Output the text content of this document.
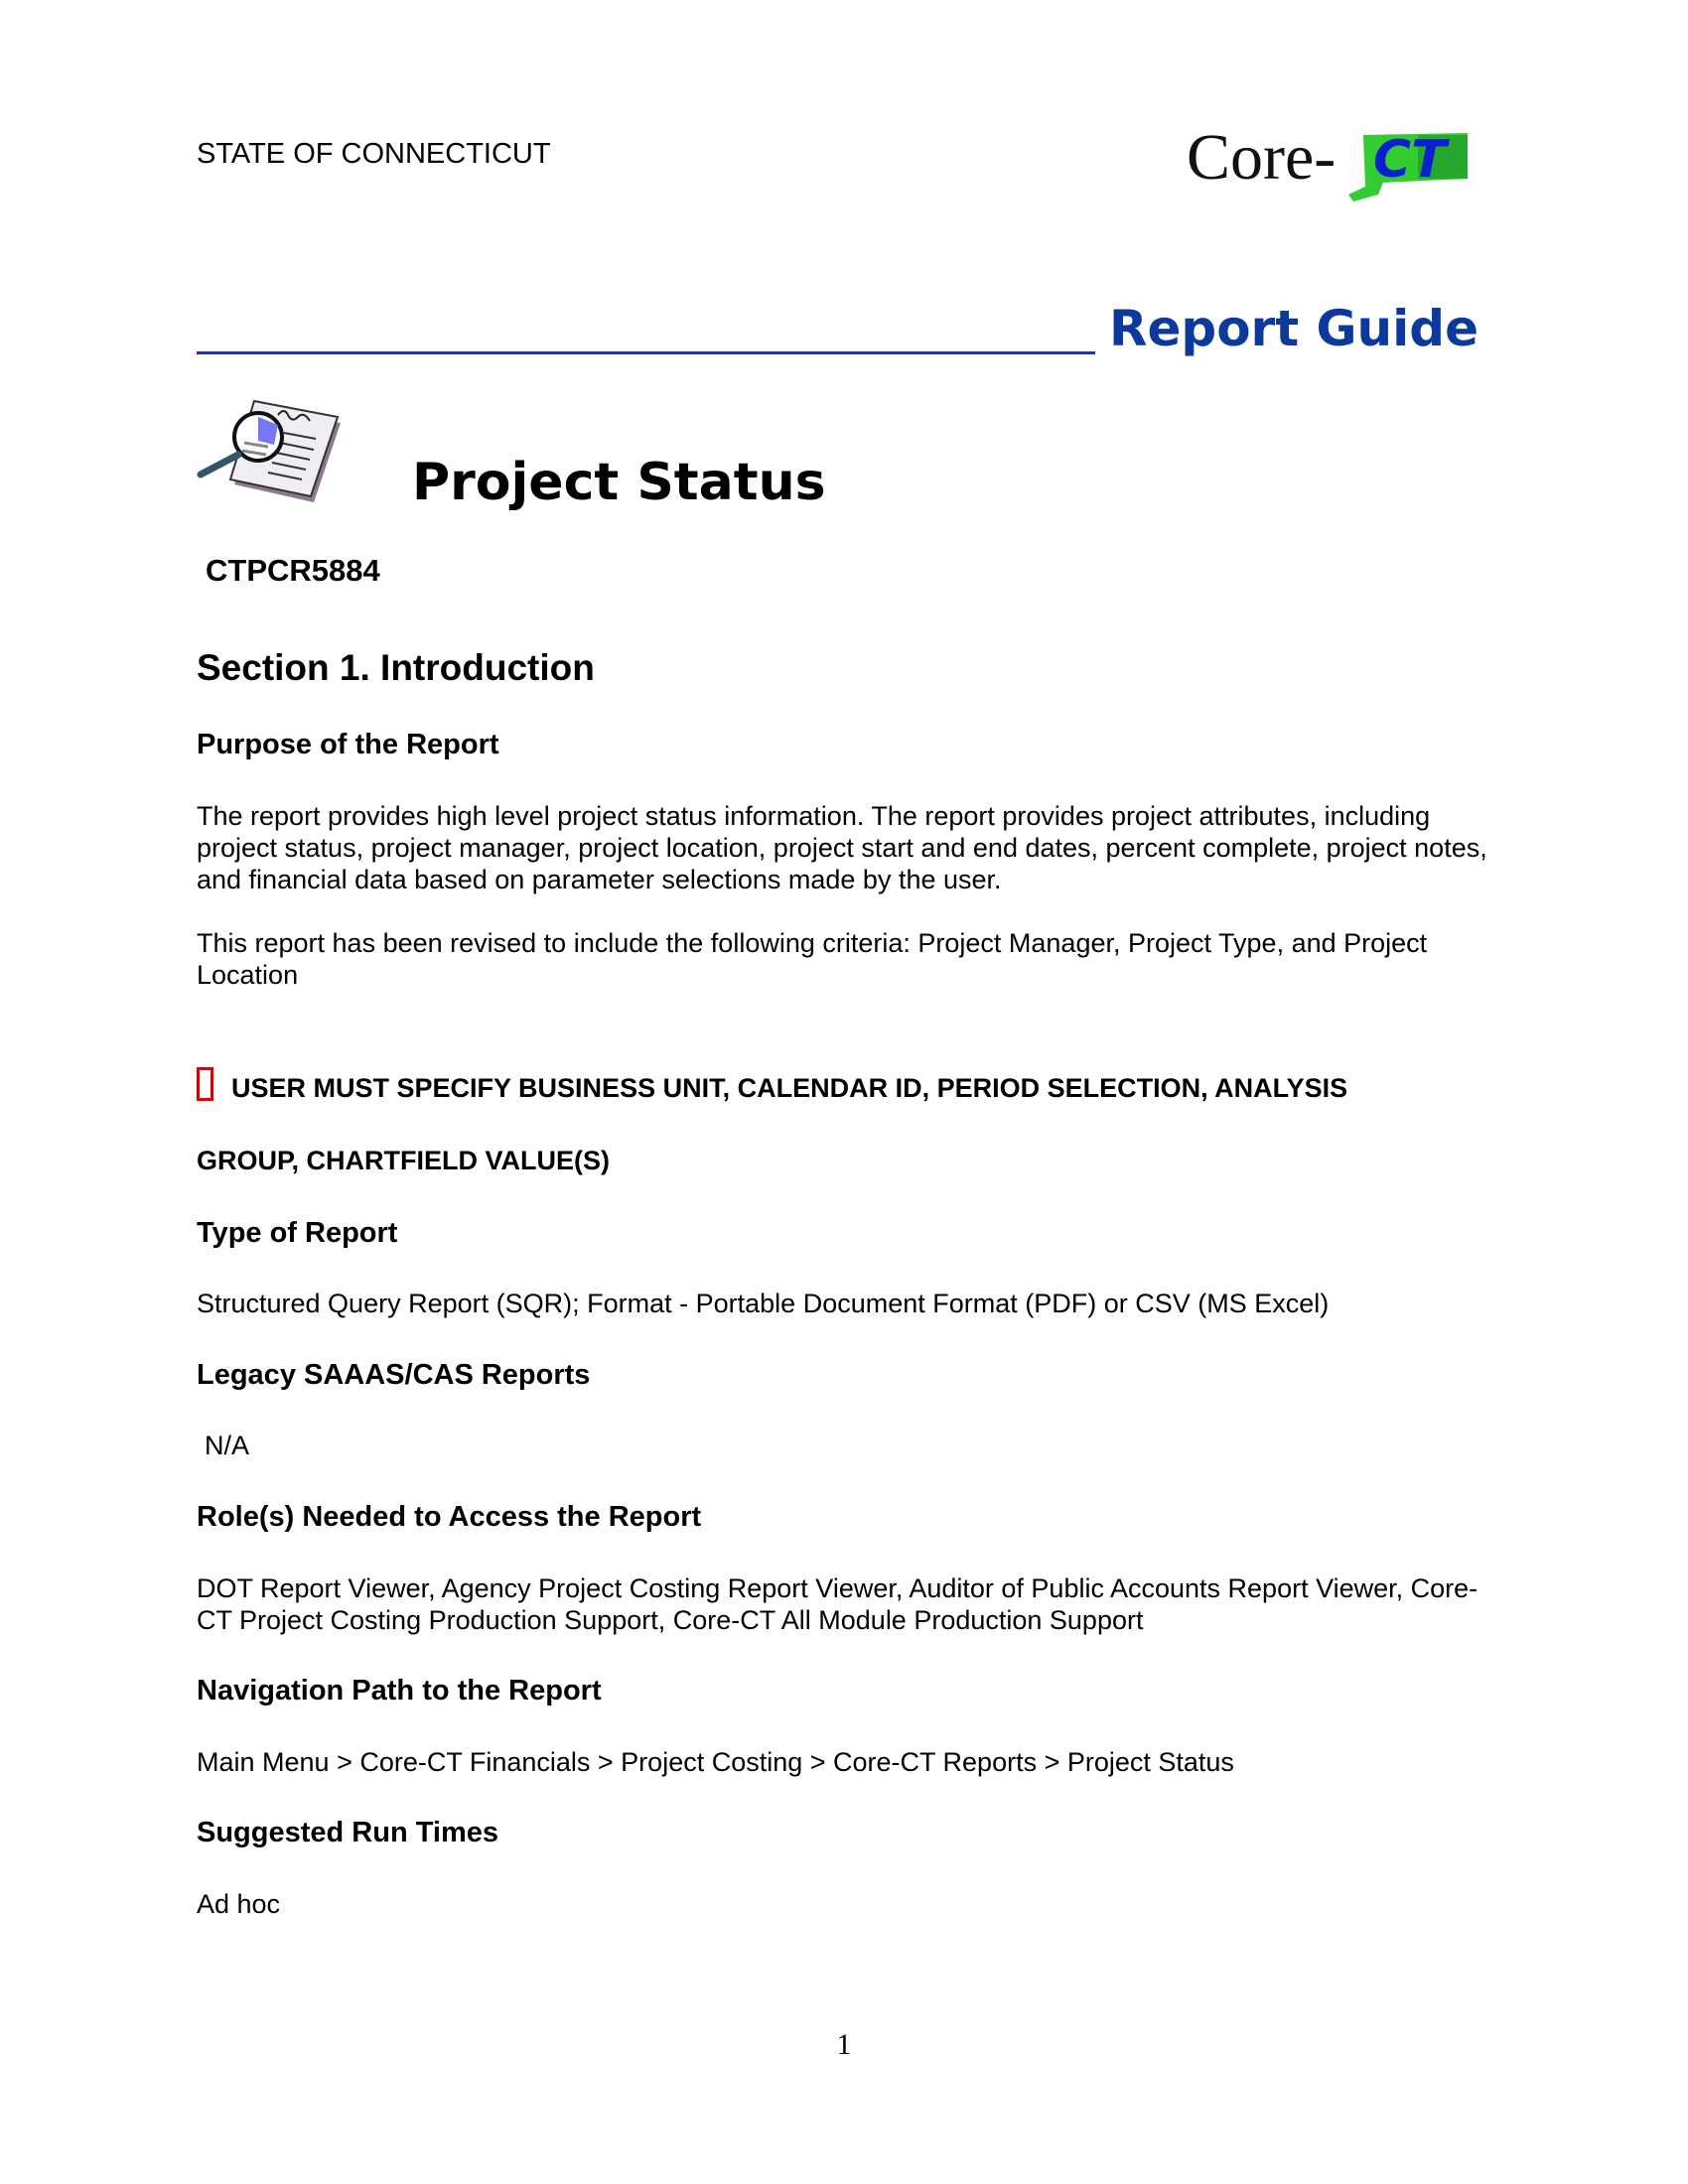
STATE OF CONNECTICUT	Core- CT
Report Guide
Project Status
CTPCR5884
Section 1. Introduction
Purpose of the Report
The report provides high level project status information. The report provides project attributes, including project status, project manager, project location, project start and end dates, percent complete, project notes, and financial data based on parameter selections made by the user.
This report has been revised to include the following criteria: Project Manager, Project Type, and Project Location
USER MUST SPECIFY BUSINESS UNIT, CALENDAR ID, PERIOD SELECTION, ANALYSIS
GROUP, CHARTFIELD VALUE(S)
Type of Report
Structured Query Report (SQR); Format - Portable Document Format (PDF) or CSV (MS Excel)
Legacy SAAAS/CAS Reports
N/A
Role(s) Needed to Access the Report
DOT Report Viewer, Agency Project Costing Report Viewer, Auditor of Public Accounts Report Viewer, Core-CT Project Costing Production Support, Core-CT All Module Production Support
Navigation Path to the Report
Main Menu > Core-CT Financials > Project Costing > Core-CT Reports > Project Status
Suggested Run Times
Ad hoc
1
